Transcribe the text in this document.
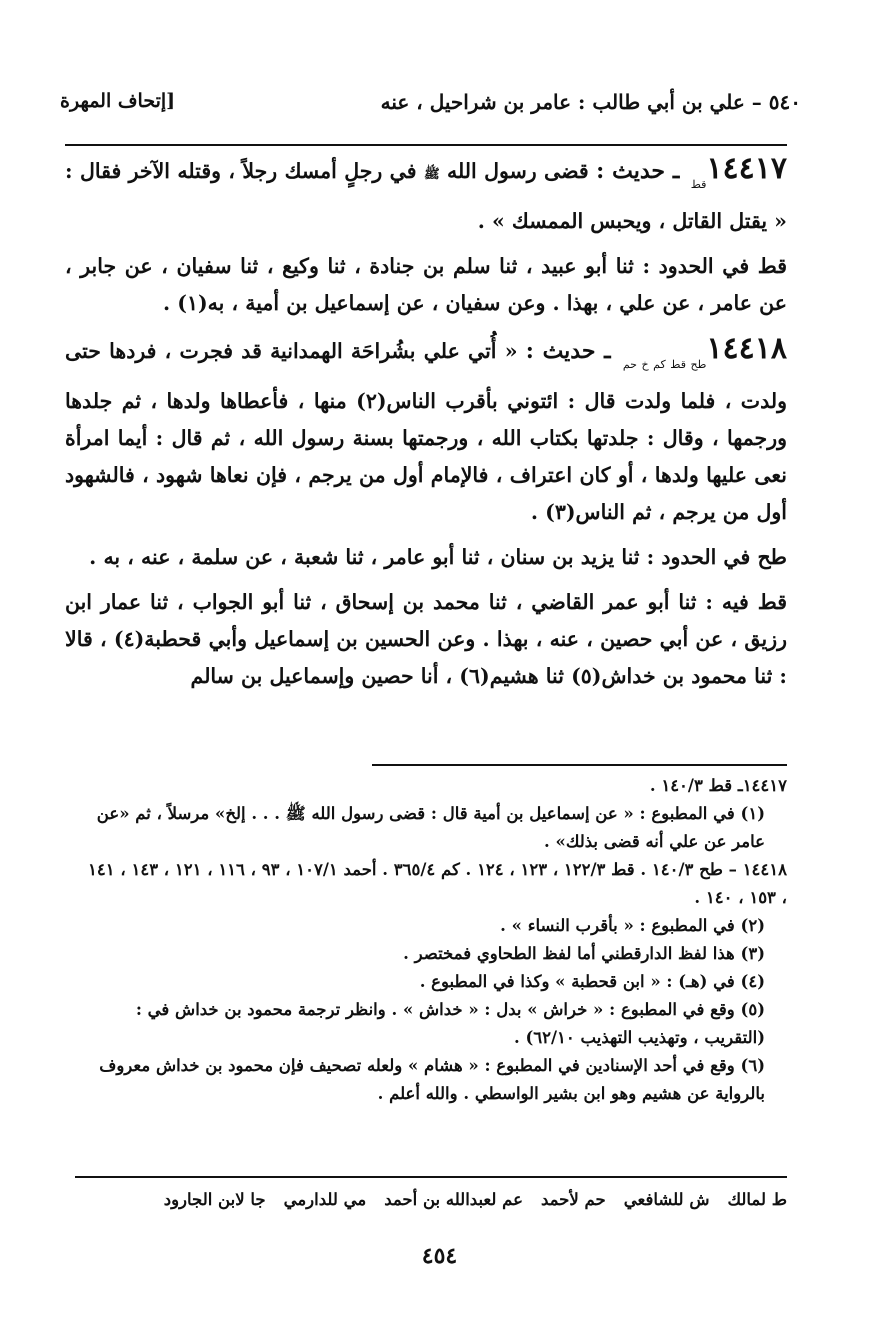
٥٤٠ – علي بن أبي طالب : عامر بن شراحيل ، عنه
[إتحاف المهرة

$١٤٤١٧_{قط}$ ـ حديث : قضى رسول الله ﷺ في رجلٍ أمسك رجلاً ، وقتله الآخر فقال : « يقتل القاتل ، ويحبس الممسك » .

قط في الحدود : ثنا أبو عبيد ، ثنا سلم بن جنادة ، ثنا وكيع ، ثنا سفيان ، عن جابر ، عن عامر ، عن علي ، بهذا . وعن سفيان ، عن إسماعيل بن أمية ، به(١) .

$١٤٤١٨_{طح قط كم خ حم}$ ـ حديث : « أُتي علي بشُراحَة الهمدانية قد فجرت ، فردها حتى ولدت ، فلما ولدت قال : ائتوني بأقرب الناس(٢) منها ، فأعطاها ولدها ، ثم جلدها ورجمها ، وقال : جلدتها بكتاب الله ، ورجمتها بسنة رسول الله ، ثم قال : أيما امرأة نعى عليها ولدها ، أو كان اعتراف ، فالإمام أول من يرجم ، فإن نعاها شهود ، فالشهود أول من يرجم ، ثم الناس(٣) .

طح في الحدود : ثنا يزيد بن سنان ، ثنا أبو عامر ، ثنا شعبة ، عن سلمة ، عنه ، به .

قط فيه : ثنا أبو عمر القاضي ، ثنا محمد بن إسحاق ، ثنا أبو الجواب ، ثنا عمار ابن رزيق ، عن أبي حصين ، عنه ، بهذا . وعن الحسين بن إسماعيل وأبي قحطبة(٤) ، قالا : ثنا محمود بن خداش(٥) ثنا هشيم(٦) ، أنا حصين وإسماعيل بن سالم

١٤٤١٧ـ قط ١٤٠/٣ .

(١) في المطبوع : « عن إسماعيل بن أمية قال : قضى رسول الله ﷺ . . . إلخ» مرسلاً ، ثم «عن عامر عن علي أنه قضى بذلك» .

١٤٤١٨ – طح ١٤٠/٣ . قط ١٢٢/٣ ، ١٢٣ ، ١٢٤ . كم ٣٦٥/٤ . أحمد ١٠٧/١ ، ٩٣ ، ١١٦ ، ١٢١ ، ١٤٣ ، ١٤١ ، ١٥٣ ، ١٤٠ .

(٢) في المطبوع : « بأقرب النساء » .

(٣) هذا لفظ الدارقطني أما لفظ الطحاوي فمختصر .

(٤) في (هـ) : « ابن قحطبة » وكذا في المطبوع .

(٥) وقع في المطبوع : « خراش » بدل : « خداش » . وانظر ترجمة محمود بن خداش في : (التقريب ، وتهذيب التهذيب ٦٢/١٠) .

(٦) وقع في أحد الإسنادين في المطبوع : « هشام » ولعله تصحيف فإن محمود بن خداش معروف بالرواية عن هشيم وهو ابن بشير الواسطي . والله أعلم .

ط لمالك
ش للشافعي
حم لأحمد
عم لعبدالله بن أحمد
مي للدارمي
جا لابن الجارود
٤٥٤
